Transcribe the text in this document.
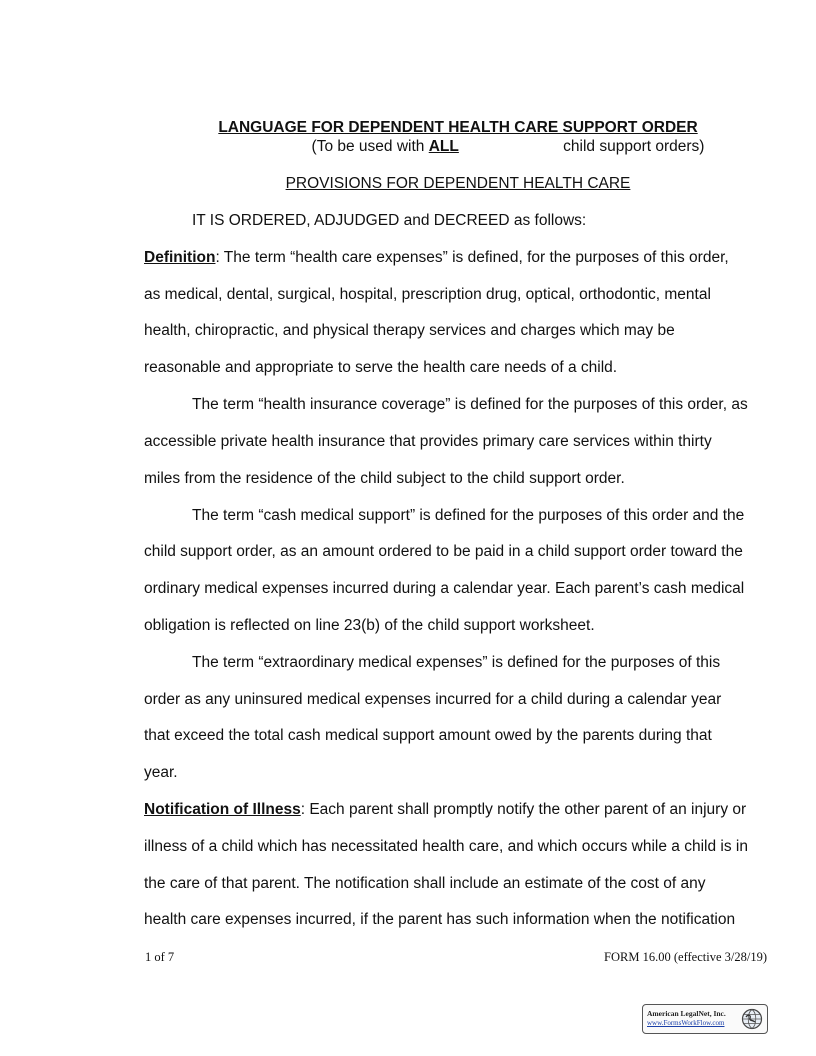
LANGUAGE FOR DEPENDENT HEALTH CARE SUPPORT ORDER
(To be used with ALL	child support orders)
PROVISIONS FOR DEPENDENT HEALTH CARE
IT IS ORDERED, ADJUDGED and DECREED as follows:
Definition: The term “health care expenses” is defined, for the purposes of this order,
as medical, dental, surgical, hospital, prescription drug, optical, orthodontic, mental
health, chiropractic, and physical therapy services and charges which may be
reasonable and appropriate to serve the health care needs of a child.
The term “health insurance coverage” is defined for the purposes of this order, as
accessible private health insurance that provides primary care services within thirty
miles from the residence of the child subject to the child support order.
The term “cash medical support” is defined for the purposes of this order and the
child support order, as an amount ordered to be paid in a child support order toward the
ordinary medical expenses incurred during a calendar year. Each parent’s cash medical
obligation is reflected on line 23(b) of the child support worksheet.
The term “extraordinary medical expenses” is defined for the purposes of this
order as any uninsured medical expenses incurred for a child during a calendar year
that exceed the total cash medical support amount owed by the parents during that
year.
Notification of Illness: Each parent shall promptly notify the other parent of an injury or
illness of a child which has necessitated health care, and which occurs while a child is in
the care of that parent. The notification shall include an estimate of the cost of any
health care expenses incurred, if the parent has such information when the notification
1 of 7	FORM 16.00 (effective 3/28/19)
American LegalNet, Inc.
www.FormsWorkFlow.com
